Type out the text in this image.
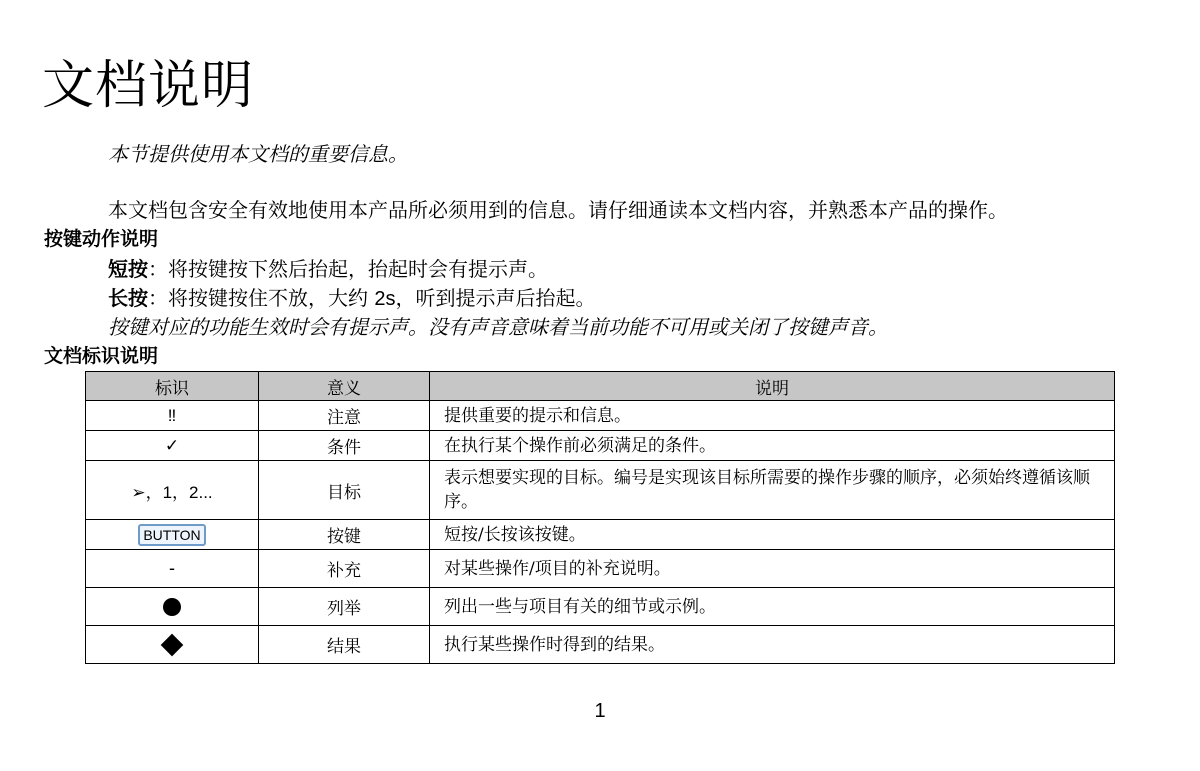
文档说明
本节提供使用本文档的重要信息。
本文档包含安全有效地使用本产品所必须用到的信息。请仔细通读本文档内容，并熟悉本产品的操作。
按键动作说明
短按：将按键按下然后抬起，抬起时会有提示声。
长按：将按键按住不放，大约 2s，听到提示声后抬起。
按键对应的功能生效时会有提示声。没有声音意味着当前功能不可用或关闭了按键声音。
文档标识说明
标识	意义	说明
‼	注意	提供重要的提示和信息。
✓	条件	在执行某个操作前必须满足的条件。
➢，1，2...	目标	表示想要实现的目标。编号是实现该目标所需要的操作步骤的顺序，必须始终遵循该顺序。
BUTTON	按键	短按/长按该按键。
-	补充	对某些操作/项目的补充说明。
	列举	列出一些与项目有关的细节或示例。
	结果	执行某些操作时得到的结果。
1
